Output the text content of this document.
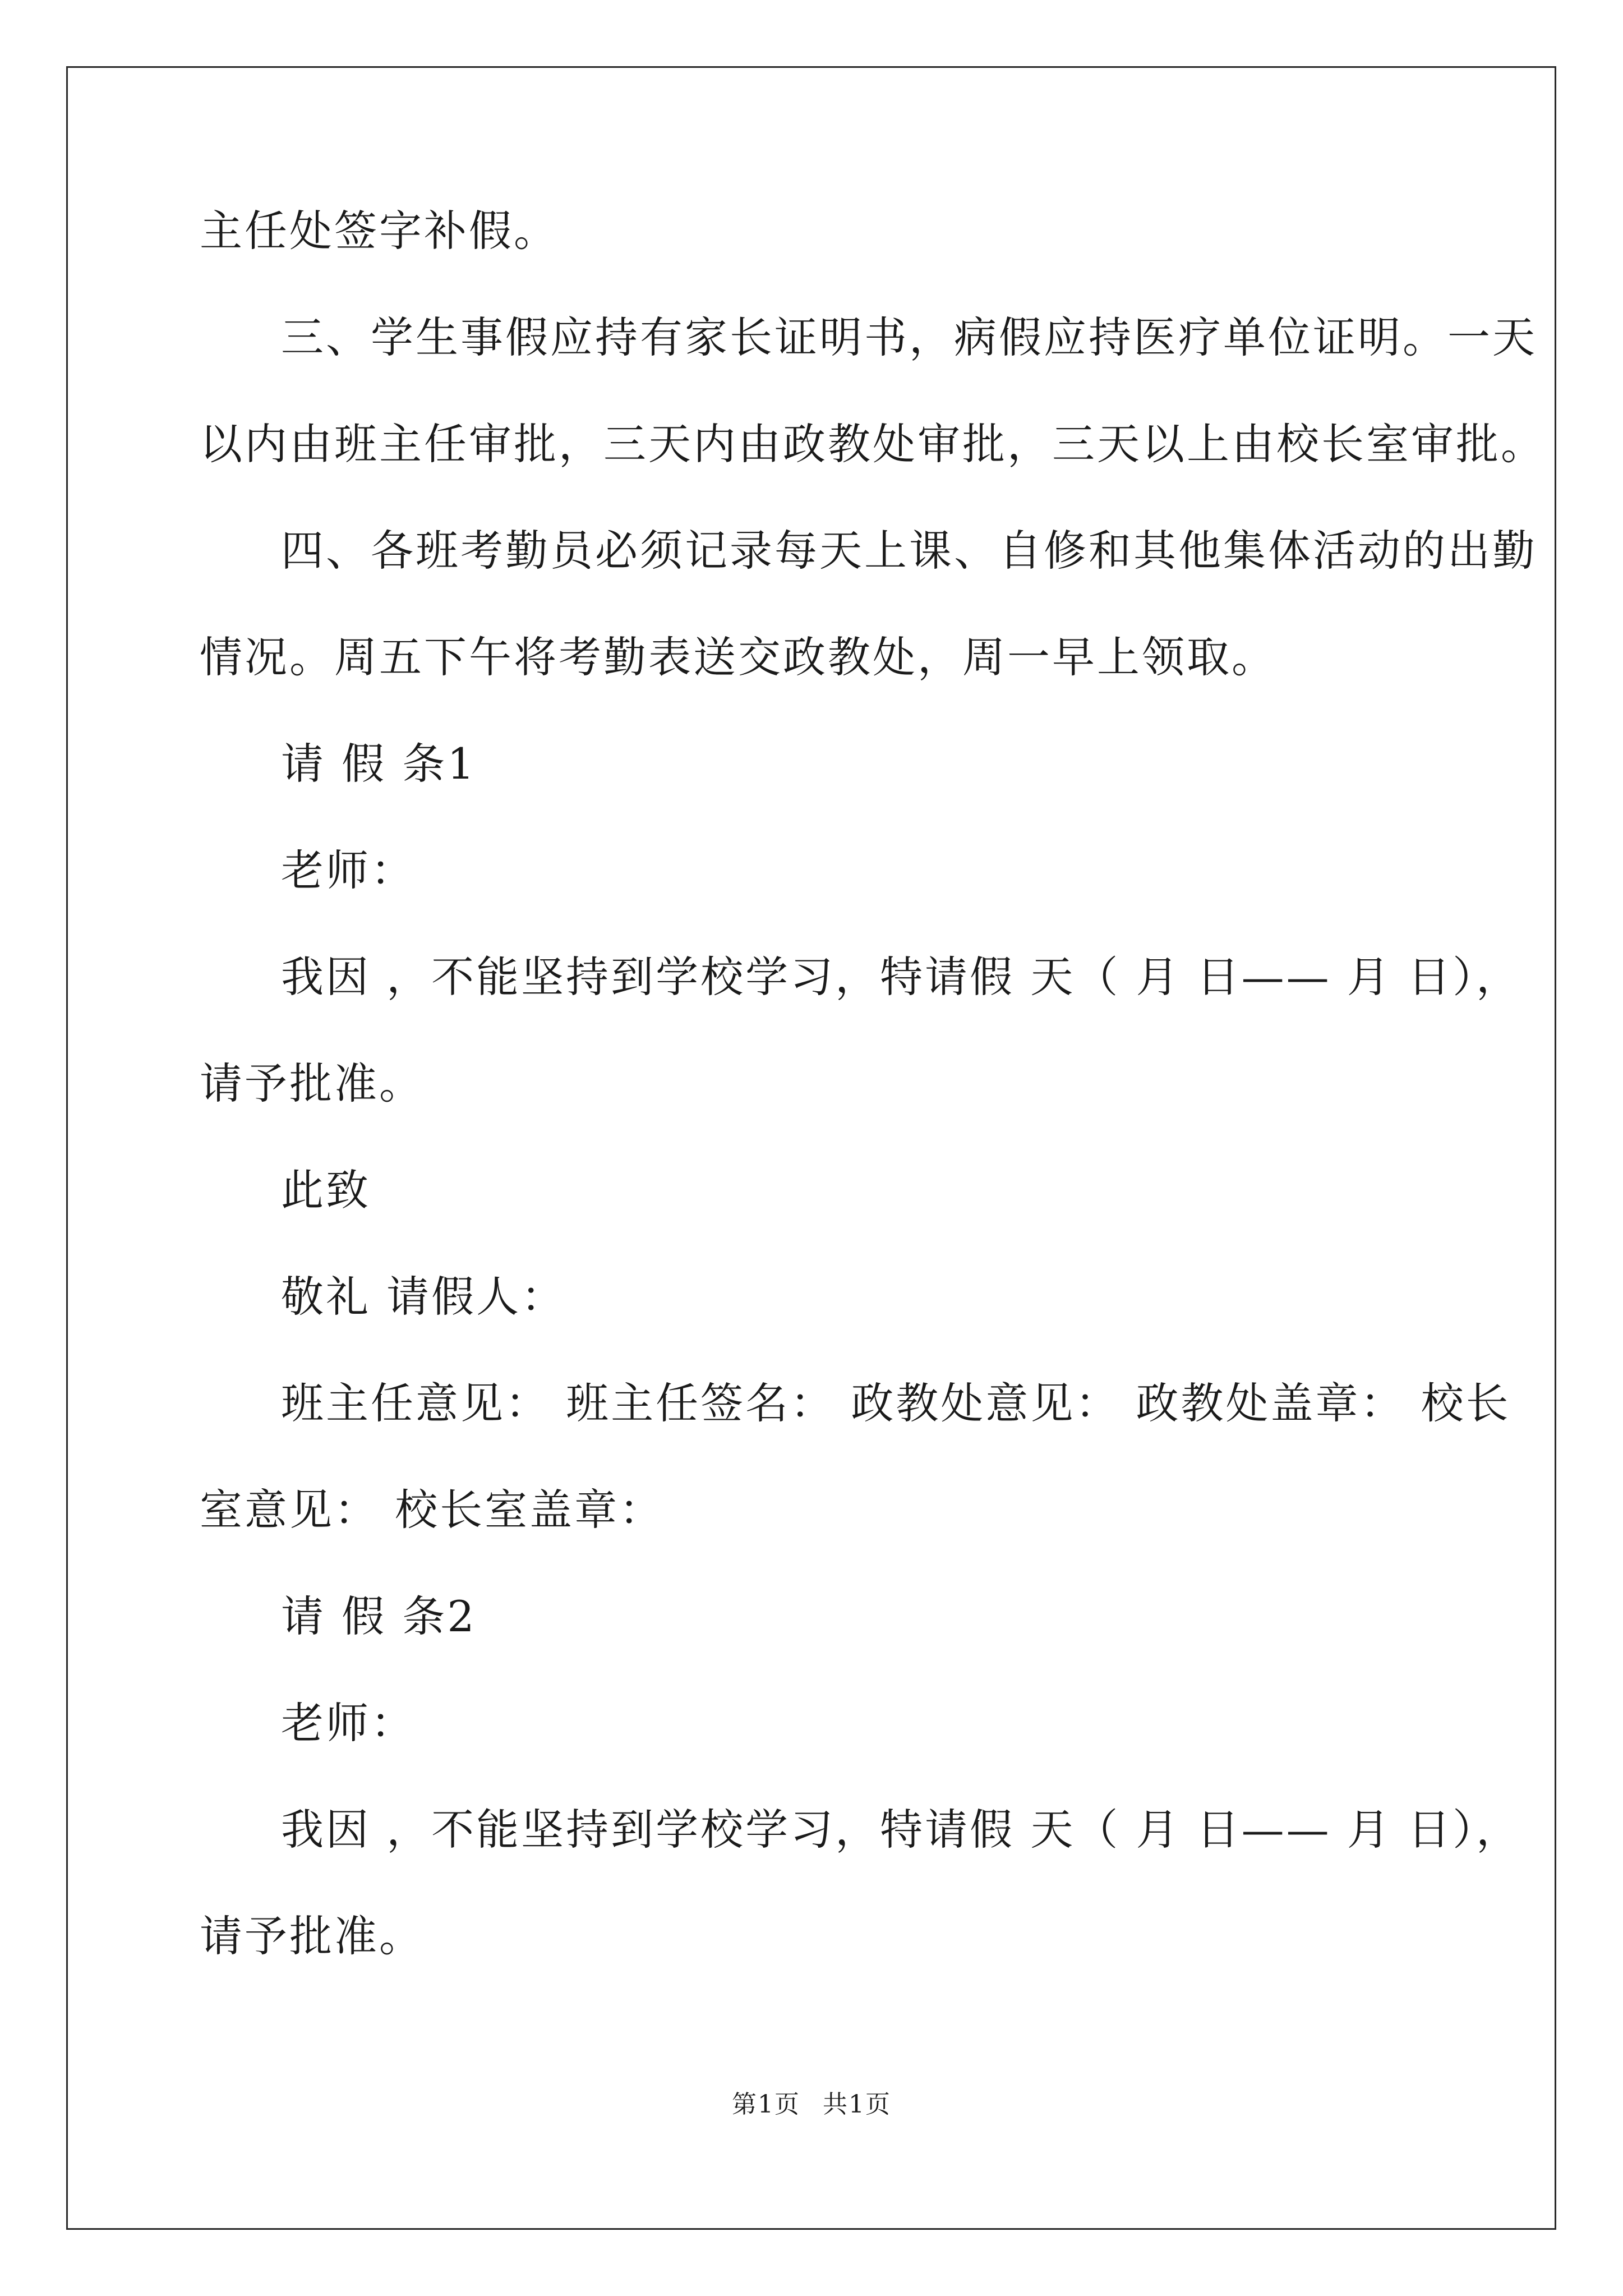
主任处签字补假。
三、学生事假应持有家长证明书，病假应持医疗单位证明。一天
以内由班主任审批，三天内由政教处审批，三天以上由校长室审批。
四、各班考勤员必须记录每天上课、自修和其他集体活动的出勤
情况。周五下午将考勤表送交政教处，周一早上领取。
请 假 条1
老师：
我因 ，不能坚持到学校学习，特请假 天（ 月 日—— 月 日），
请予批准。
此致
敬礼 请假人：
班主任意见： 班主任签名： 政教处意见： 政教处盖章： 校长
室意见： 校长室盖章：
请 假 条2
老师：
我因 ，不能坚持到学校学习，特请假 天（ 月 日—— 月 日），
请予批准。
第1页 共1页
